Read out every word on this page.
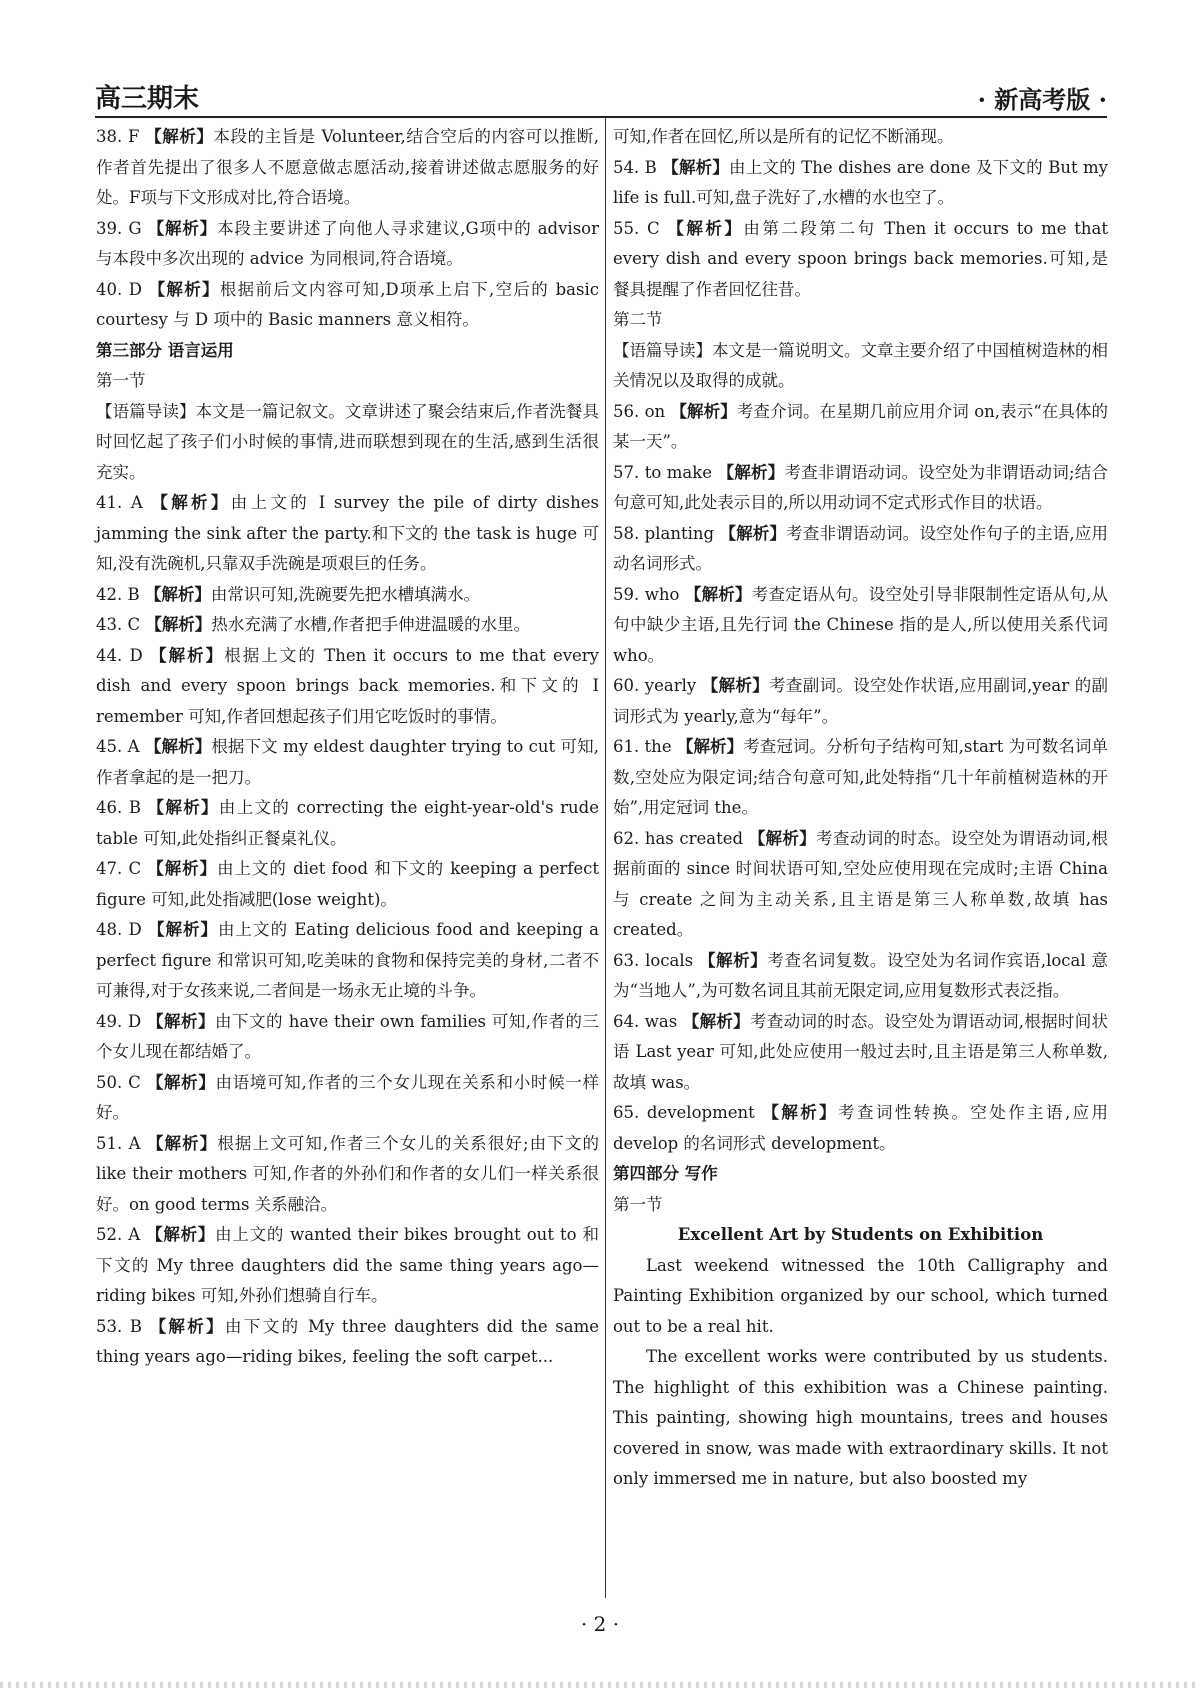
高三期末	· 新高考版 ·

38. F 【解析】本段的主旨是 Volunteer,结合空后的内容可以推断,作者首先提出了很多人不愿意做志愿活动,接着讲述做志愿服务的好处。F项与下文形成对比,符合语境。

39. G 【解析】本段主要讲述了向他人寻求建议,G项中的 advisor 与本段中多次出现的 advice 为同根词,符合语境。

40. D 【解析】根据前后文内容可知,D项承上启下,空后的 basic courtesy 与 D 项中的 Basic manners 意义相符。

第三部分 语言运用

第一节

【语篇导读】本文是一篇记叙文。文章讲述了聚会结束后,作者洗餐具时回忆起了孩子们小时候的事情,进而联想到现在的生活,感到生活很充实。

41. A 【解析】由上文的 I survey the pile of dirty dishes jamming the sink after the party.和下文的 the task is huge 可知,没有洗碗机,只靠双手洗碗是项艰巨的任务。

42. B 【解析】由常识可知,洗碗要先把水槽填满水。

43. C 【解析】热水充满了水槽,作者把手伸进温暖的水里。

44. D 【解析】根据上文的 Then it occurs to me that every dish and every spoon brings back memories.和下文的 I remember 可知,作者回想起孩子们用它吃饭时的事情。

45. A 【解析】根据下文 my eldest daughter trying to cut 可知,作者拿起的是一把刀。

46. B 【解析】由上文的 correcting the eight-year-old's rude table 可知,此处指纠正餐桌礼仪。

47. C 【解析】由上文的 diet food 和下文的 keeping a perfect figure 可知,此处指减肥(lose weight)。

48. D 【解析】由上文的 Eating delicious food and keeping a perfect figure 和常识可知,吃美味的食物和保持完美的身材,二者不可兼得,对于女孩来说,二者间是一场永无止境的斗争。

49. D 【解析】由下文的 have their own families 可知,作者的三个女儿现在都结婚了。

50. C 【解析】由语境可知,作者的三个女儿现在关系和小时候一样好。

51. A 【解析】根据上文可知,作者三个女儿的关系很好;由下文的 like their mothers 可知,作者的外孙们和作者的女儿们一样关系很好。on good terms 关系融洽。

52. A 【解析】由上文的 wanted their bikes brought out to 和下文的 My three daughters did the same thing years ago—riding bikes 可知,外孙们想骑自行车。

53. B 【解析】由下文的 My three daughters did the same thing years ago—riding bikes, feeling the soft carpet...

可知,作者在回忆,所以是所有的记忆不断涌现。

54. B 【解析】由上文的 The dishes are done 及下文的 But my life is full.可知,盘子洗好了,水槽的水也空了。

55. C 【解析】由第二段第二句 Then it occurs to me that every dish and every spoon brings back memories.可知,是餐具提醒了作者回忆往昔。

第二节

【语篇导读】本文是一篇说明文。文章主要介绍了中国植树造林的相关情况以及取得的成就。

56. on 【解析】考查介词。在星期几前应用介词 on,表示“在具体的某一天”。

57. to make 【解析】考查非谓语动词。设空处为非谓语动词;结合句意可知,此处表示目的,所以用动词不定式形式作目的状语。

58. planting 【解析】考查非谓语动词。设空处作句子的主语,应用动名词形式。

59. who 【解析】考查定语从句。设空处引导非限制性定语从句,从句中缺少主语,且先行词 the Chinese 指的是人,所以使用关系代词 who。

60. yearly 【解析】考查副词。设空处作状语,应用副词,year 的副词形式为 yearly,意为“每年”。

61. the 【解析】考查冠词。分析句子结构可知,start 为可数名词单数,空处应为限定词;结合句意可知,此处特指“几十年前植树造林的开始”,用定冠词 the。

62. has created 【解析】考查动词的时态。设空处为谓语动词,根据前面的 since 时间状语可知,空处应使用现在完成时;主语 China 与 create 之间为主动关系,且主语是第三人称单数,故填 has created。

63. locals 【解析】考查名词复数。设空处为名词作宾语,local 意为“当地人”,为可数名词且其前无限定词,应用复数形式表泛指。

64. was 【解析】考查动词的时态。设空处为谓语动词,根据时间状语 Last year 可知,此处应使用一般过去时,且主语是第三人称单数,故填 was。

65. development 【解析】考查词性转换。空处作主语,应用 develop 的名词形式 development。

第四部分 写作

第一节

Excellent Art by Students on Exhibition

Last weekend witnessed the 10th Calligraphy and Painting Exhibition organized by our school, which turned out to be a real hit.

The excellent works were contributed by us students. The highlight of this exhibition was a Chinese painting. This painting, showing high mountains, trees and houses covered in snow, was made with extraordinary skills. It not only immersed me in nature, but also boosted my

· 2 ·
